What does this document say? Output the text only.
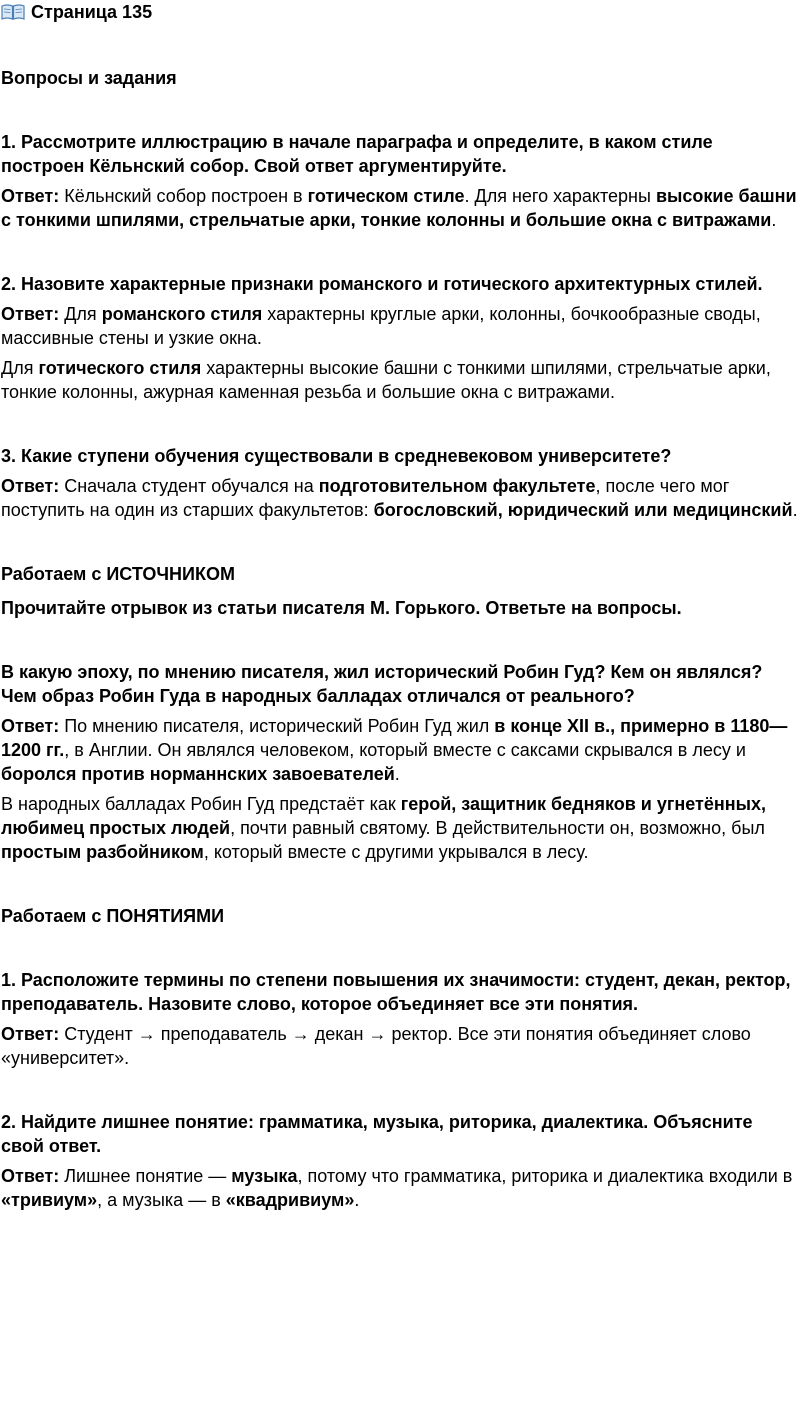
Страница 135

Вопросы и задания

1. Рассмотрите иллюстрацию в начале параграфа и определите, в каком стиле построен Кёльнский собор. Свой ответ аргументируйте.

Ответ: Кёльнский собор построен в готическом стиле. Для него характерны высокие башни с тонкими шпилями, стрельчатые арки, тонкие колонны и большие окна с витражами.

2. Назовите характерные признаки романского и готического архитектурных стилей.

Ответ: Для романского стиля характерны круглые арки, колонны, бочкообразные своды, массивные стены и узкие окна.

Для готического стиля характерны высокие башни с тонкими шпилями, стрельчатые арки, тонкие колонны, ажурная каменная резьба и большие окна с витражами.

3. Какие ступени обучения существовали в средневековом университете?

Ответ: Сначала студент обучался на подготовительном факультете, после чего мог поступить на один из старших факультетов: богословский, юридический или медицинский.

Работаем с ИСТОЧНИКОМ

Прочитайте отрывок из статьи писателя М. Горького. Ответьте на вопросы.

В какую эпоху, по мнению писателя, жил исторический Робин Гуд? Кем он являлся? Чем образ Робин Гуда в народных балладах отличался от реального?

Ответ: По мнению писателя, исторический Робин Гуд жил в конце XII в., примерно в 1180—1200 гг., в Англии. Он являлся человеком, который вместе с саксами скрывался в лесу и боролся против норманнских завоевателей.

В народных балладах Робин Гуд предстаёт как герой, защитник бедняков и угнетённых, любимец простых людей, почти равный святому. В действительности он, возможно, был простым разбойником, который вместе с другими укрывался в лесу.

Работаем с ПОНЯТИЯМИ

1. Расположите термины по степени повышения их значимости: студент, декан, ректор, преподаватель. Назовите слово, которое объединяет все эти понятия.

Ответ: Студент → преподаватель → декан → ректор. Все эти понятия объединяет слово «университет».

2. Найдите лишнее понятие: грамматика, музыка, риторика, диалектика. Объясните свой ответ.

Ответ: Лишнее понятие — музыка, потому что грамматика, риторика и диалектика входили в «тривиум», а музыка — в «квадривиум».
